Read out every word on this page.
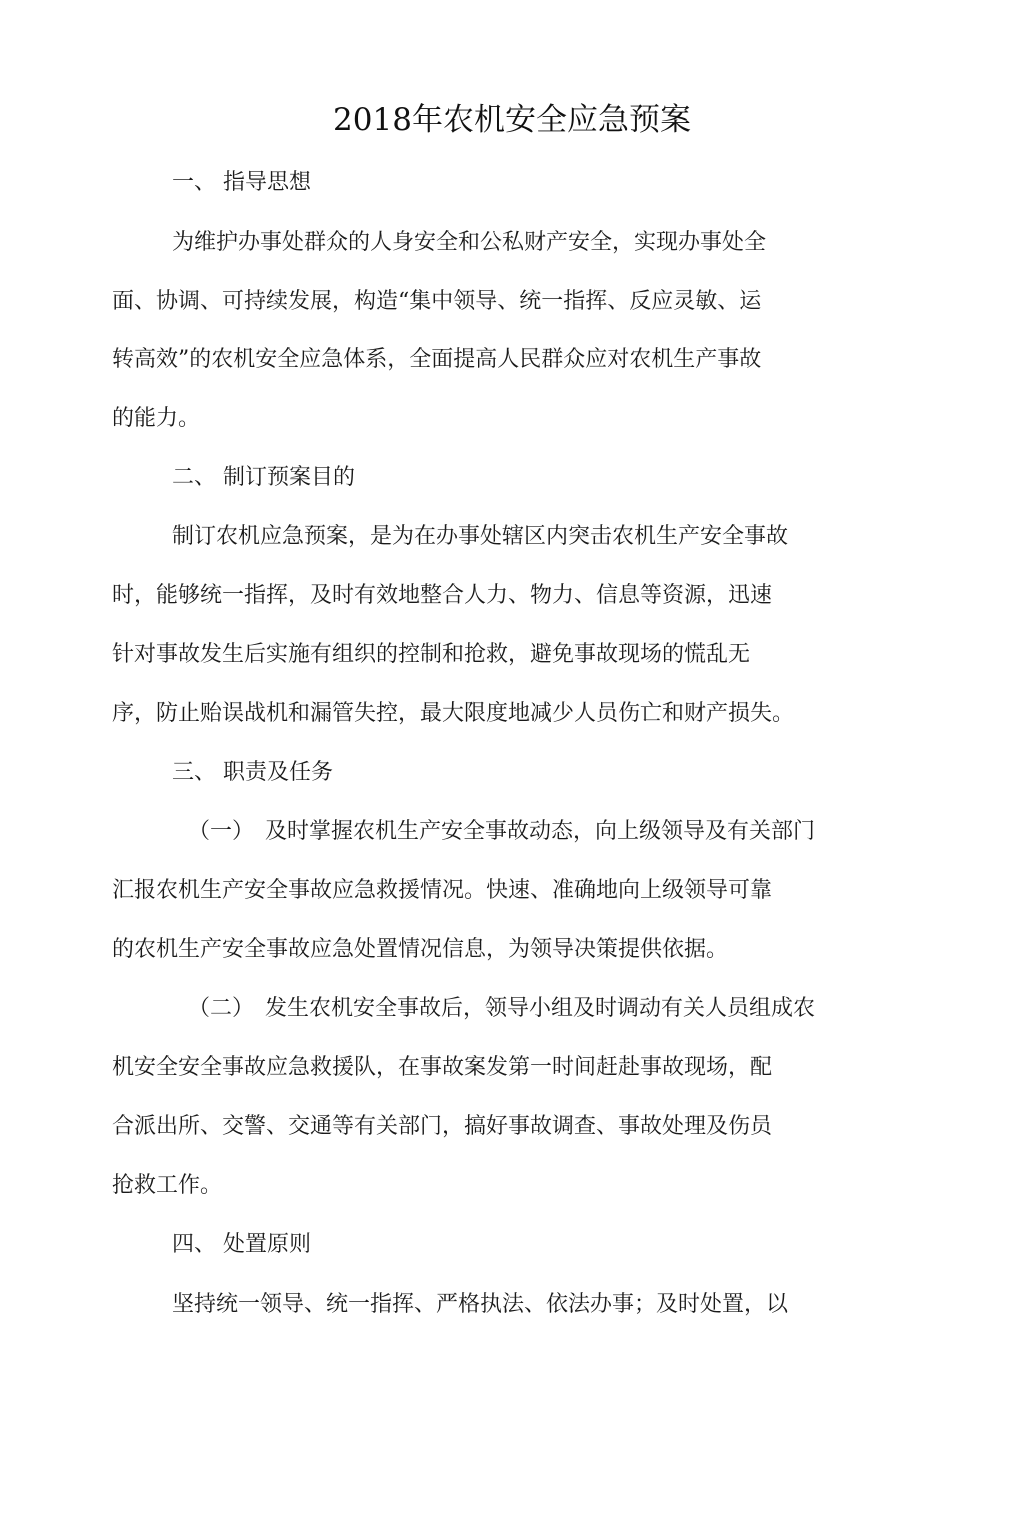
2018年农机安全应急预案
一、 指导思想
为维护办事处群众的人身安全和公私财产安全，实现办事处全
面、协调、可持续发展，构造“集中领导、统一指挥、反应灵敏、运
转高效”的农机安全应急体系，全面提高人民群众应对农机生产事故
的能力。
二、 制订预案目的
制订农机应急预案，是为在办事处辖区内突击农机生产安全事故
时，能够统一指挥，及时有效地整合人力、物力、信息等资源，迅速
针对事故发生后实施有组织的控制和抢救，避免事故现场的慌乱无
序，防止贻误战机和漏管失控，最大限度地减少人员伤亡和财产损失。
三、 职责及任务
（一）　及时掌握农机生产安全事故动态，向上级领导及有关部门
汇报农机生产安全事故应急救援情况。快速、准确地向上级领导可靠
的农机生产安全事故应急处置情况信息，为领导决策提供依据。
（二）　发生农机安全事故后，领导小组及时调动有关人员组成农
机安全安全事故应急救援队，在事故案发第一时间赶赴事故现场，配
合派出所、交警、交通等有关部门，搞好事故调查、事故处理及伤员
抢救工作。
四、 处置原则
坚持统一领导、统一指挥、严格执法、依法办事；及时处置，以
